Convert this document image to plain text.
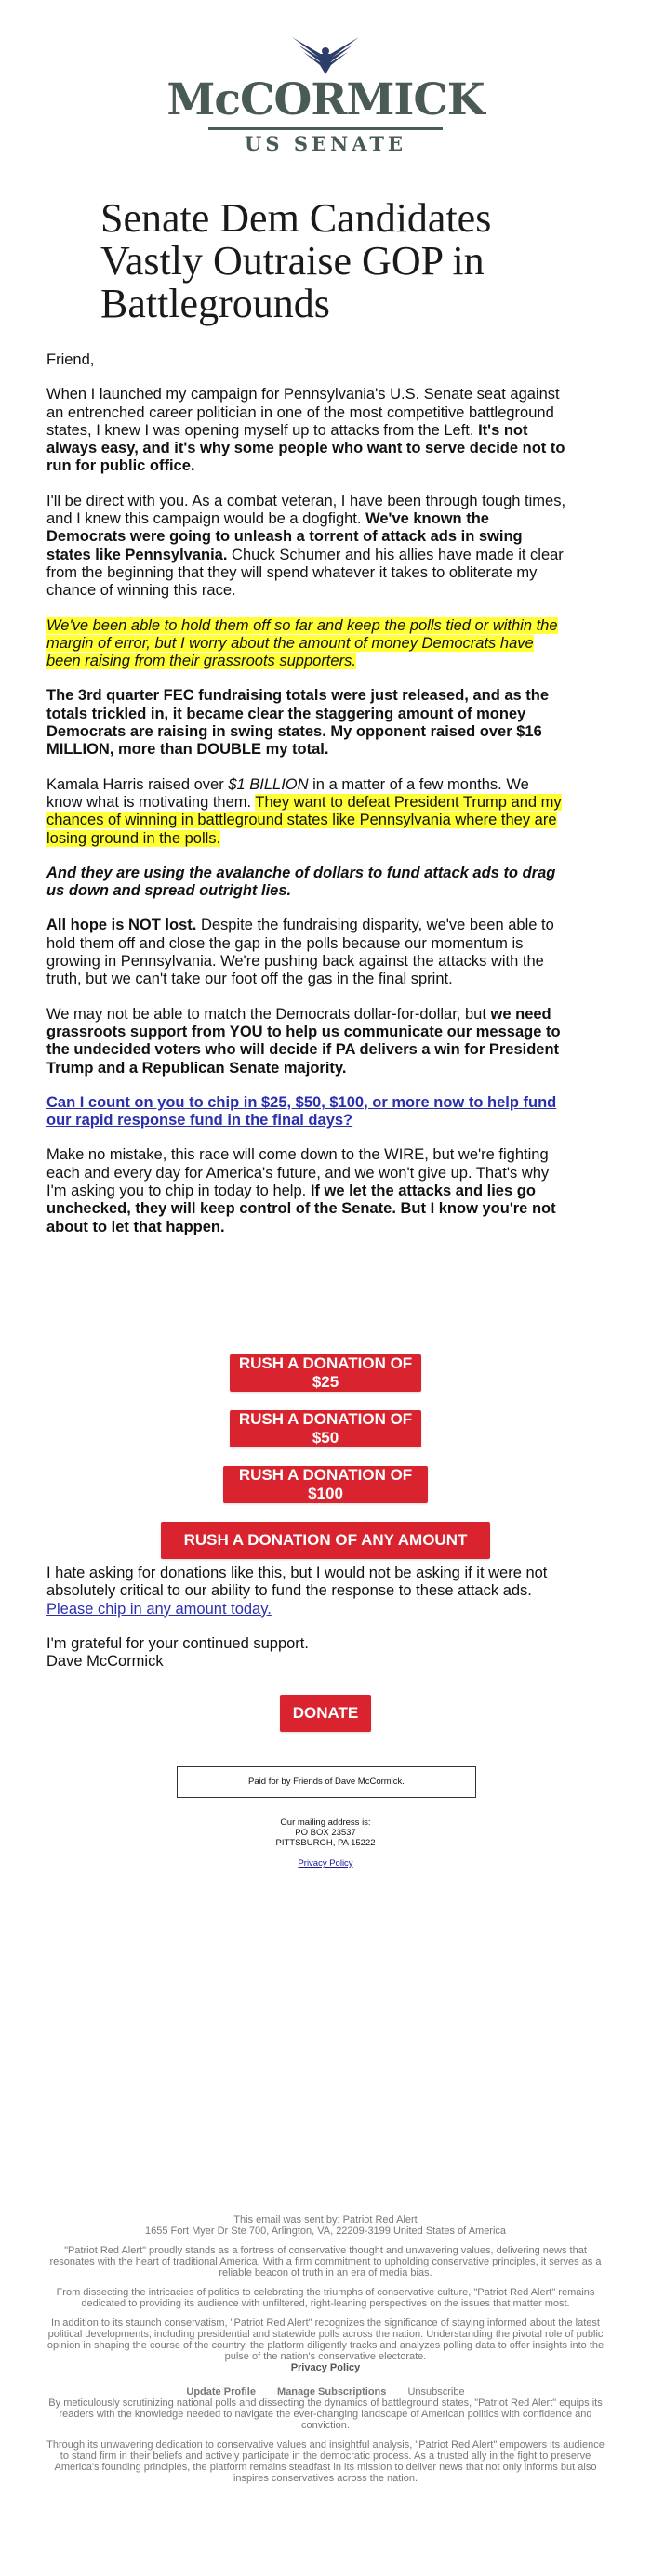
McCORMICK
US SENATE
Senate Dem Candidates Vastly Outraise GOP in Battlegrounds

Friend,

When I launched my campaign for Pennsylvania's U.S. Senate seat against an entrenched career politician in one of the most competitive battleground states, I knew I was opening myself up to attacks from the Left. It's not always easy, and it's why some people who want to serve decide not to run for public office.

I'll be direct with you. As a combat veteran, I have been through tough times, and I knew this campaign would be a dogfight. We've known the Democrats were going to unleash a torrent of attack ads in swing states like Pennsylvania. Chuck Schumer and his allies have made it clear from the beginning that they will spend whatever it takes to obliterate my chance of winning this race.

We've been able to hold them off so far and keep the polls tied or within the margin of error, but I worry about the amount of money Democrats have been raising from their grassroots supporters.

The 3rd quarter FEC fundraising totals were just released, and as the totals trickled in, it became clear the staggering amount of money Democrats are raising in swing states. My opponent raised over $16 MILLION, more than DOUBLE my total.

Kamala Harris raised over $1 BILLION in a matter of a few months. We know what is motivating them. They want to defeat President Trump and my chances of winning in battleground states like Pennsylvania where they are losing ground in the polls.

And they are using the avalanche of dollars to fund attack ads to drag us down and spread outright lies.

All hope is NOT lost. Despite the fundraising disparity, we've been able to hold them off and close the gap in the polls because our momentum is growing in Pennsylvania. We're pushing back against the attacks with the truth, but we can't take our foot off the gas in the final sprint.

We may not be able to match the Democrats dollar-for-dollar, but we need grassroots support from YOU to help us communicate our message to the undecided voters who will decide if PA delivers a win for President Trump and a Republican Senate majority.

Can I count on you to chip in $25, $50, $100, or more now to help fund our rapid response fund in the final days?

Make no mistake, this race will come down to the WIRE, but we're fighting each and every day for America's future, and we won't give up. That's why I'm asking you to chip in today to help. If we let the attacks and lies go unchecked, they will keep control of the Senate. But I know you're not about to let that happen.

RUSH A DONATION OF $25
RUSH A DONATION OF $50
RUSH A DONATION OF $100
RUSH A DONATION OF ANY AMOUNT

I hate asking for donations like this, but I would not be asking if it were not absolutely critical to our ability to fund the response to these attack ads. Please chip in any amount today.

I'm grateful for your continued support.

Dave McCormick

DONATE
Paid for by Friends of Dave McCormick.
Our mailing address is:
PO BOX 23537
PITTSBURGH, PA 15222
Privacy Policy

This email was sent by: Patriot Red Alert

1655 Fort Myer Dr Ste 700, Arlington, VA, 22209-3199 United States of America

"Patriot Red Alert" proudly stands as a fortress of conservative thought and unwavering values, delivering news that resonates with the heart of traditional America. With a firm commitment to upholding conservative principles, it serves as a reliable beacon of truth in an era of media bias.

From dissecting the intricacies of politics to celebrating the triumphs of conservative culture, "Patriot Red Alert" remains dedicated to providing its audience with unfiltered, right-leaning perspectives on the issues that matter most.

In addition to its staunch conservatism, "Patriot Red Alert" recognizes the significance of staying informed about the latest political developments, including presidential and statewide polls across the nation. Understanding the pivotal role of public opinion in shaping the course of the country, the platform diligently tracks and analyzes polling data to offer insights into the pulse of the nation's conservative electorate.

Privacy Policy

Update Profile Manage Subscriptions Unsubscribe

By meticulously scrutinizing national polls and dissecting the dynamics of battleground states, "Patriot Red Alert" equips its readers with the knowledge needed to navigate the ever-changing landscape of American politics with confidence and conviction.

Through its unwavering dedication to conservative values and insightful analysis, "Patriot Red Alert" empowers its audience to stand firm in their beliefs and actively participate in the democratic process. As a trusted ally in the fight to preserve America's founding principles, the platform remains steadfast in its mission to deliver news that not only informs but also inspires conservatives across the nation.
